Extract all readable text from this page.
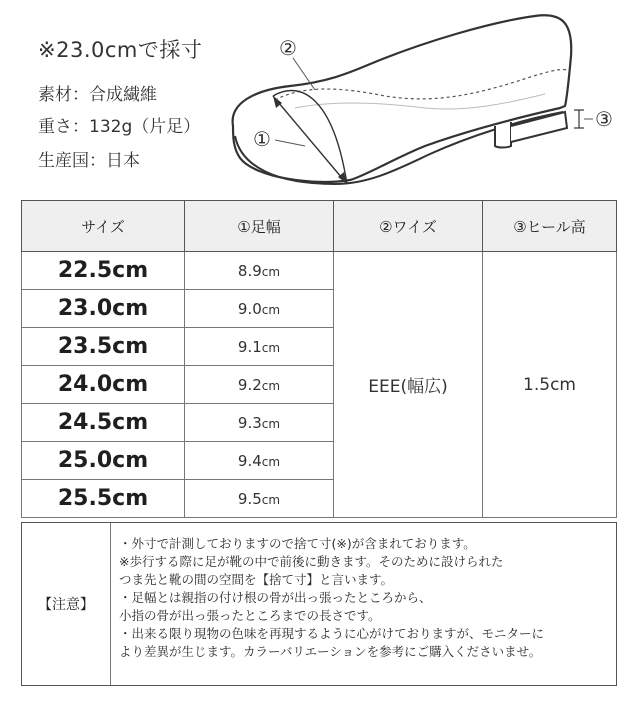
※23.0cmで採寸
素材：合成繊維
重さ：132g（片足）
生産国：日本
②
①
③
サイズ	①足幅	②ワイズ	③ヒール高
22.5cm	8.9cm	EEE(幅広)	1.5cm
23.0cm	9.0cm		
23.5cm	9.1cm		
24.0cm	9.2cm		
24.5cm	9.3cm		
25.0cm	9.4cm		
25.5cm	9.5cm		
【注意】
・外寸で計測しておりますので捨て寸(※)が含まれております。
※歩行する際に足が靴の中で前後に動きます。そのために設けられた
つま先と靴の間の空間を【捨て寸】と言います。
・足幅とは親指の付け根の骨が出っ張ったところから、
小指の骨が出っ張ったところまでの長さです。
・出来る限り現物の色味を再現するように心がけておりますが、モニターに
より差異が生じます。カラーバリエーションを参考にご購入くださいませ。
